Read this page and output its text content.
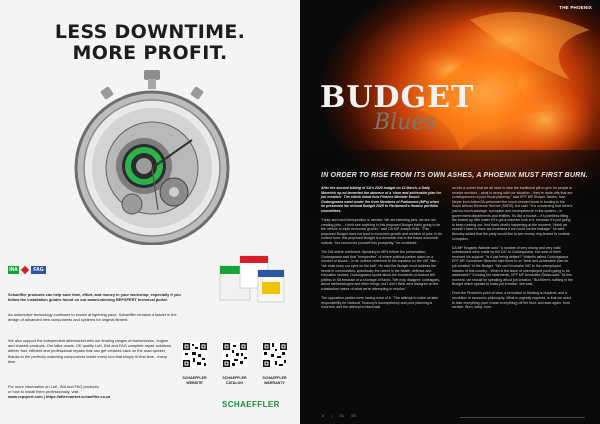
LESS DOWNTIME.
MORE PROFIT.
INA	FAG

Schaeffler products can help save time, effort, and money in your workshop, especially if you follow the installation guides found on our award-winning REPXPERT technical portal.

As automotive technology continues to evolve at lightning pace, Schaeffler remains a leader in the design of advanced new components and systems for original fitment.

We also support the independent aftermarket with our leading ranges of transmission, engine and chassis products. Our tailor-made, OE quality LuK, INA and FAG complete repair solutions deliver fast, efficient and professional repairs that can get vehicles back on the road quicker, thanks to the perfectly matching components inside every box that simply fit first time - every time.

For more information on LuK, INA and FAG products,

or how to install them professionally, visit:

www.repxpert.com | https://aftermarket.schaeffler.co.za

SCHAEFFLER
WEBSITE
SCHAEFFLER
CATALOG
SCHAEFFLER
WARRANTY
SCHAEFFLER
THE PHOENIX
BUDGET
Blues
IN ORDER TO RISE FROM ITS OWN ASHES, A PHOENIX MUST FIRST BURN.

After the second tabling of SA's 2025 budget on 12 March, a Daily Maverick op-ed lamented the absence of a 'clear and achievable plan for job creation'. The article listed how Finance Minister Enoch Godongwana came under fire from Members of Parliament (MPs) when he presented his revised Budget 2025 to Parliament's finance portfolio committees.

"Deep and hard introspection is needed. We are bleeding jobs, we are not creating jobs... I don't see anything in this proposed Budget that's going to be the vehicle to triple economic growth," said DA MP Joseph Britz. "This proposed Budget does not lead to economic growth and creation of jobs. In its current form, this proposed Budget is a domestic risk to the future economic outlook. You cannot tax yourself into prosperity," he continued.

The DM article continued: Speaking to MPs before the presentation, Godongwana said that "irrespective" of where political parties stand on a number of issues – in an indirect reference to the impasse on the VAT hike – "we must keep our eyes on the ball". He said the Budget must address the needs in communities, specifically the needs in the health, defence and education sectors. Godongwana spoke about the hundreds of doctors left jobless in SA because of a shortage of funds. "We may disagree, colleagues, about methodologies and other things, but I don't think we'd disagree on the substantive nature of what we're attempting to resolve."

The opposition parties were having none of it. "The attempt to make us take responsibility for National Treasury's incompetency and poor planning is incorrect, and the attempt to blackmail

us into a corner that we all have to take the traditional gift to give for people to receive services – what is wrong with our situation – they're trade-offs that are consequences of poor fiscal planning," said EFF MP Sinawo Tambo. Ivan Meyer from ActionSA welcomed the much-needed boost in funding to the South African Revenue Service (SARS), but said: "It is concerning that there's just too much wastage, corruption and incompetence in the system – in government departments and entities. It's like a bucket – it's pointless filling the bucket up with water if it's got a massive hole in it, because it's just going to keep running out. And that's what's happening at the moment. I think we wouldn't have to have tax increases if we could cut the leakage." he said. Beesley added that the party would like to see money ring fenced to combat corruption.

DA MP Kingsley Wakelin said: "a number of very strong and very valid submissions were made by the DA" to Godongwana, but none of them received his support. "Is it just being defiant?" Wakelin asked Godongwana. EFF MP Constance Mkhonto said there is no "clear and achievable plan for job creation" in the Budget. "We can't increase VAT to the unemployed masses of this country... When is the issue of unemployed youth going to be addressed?" Echoing her statements, EFF MP Annacleta Siwisa said: "At this moment, we should be speaking about job creation." But there's nothing in the Budget which speaks to mass job creation, she said.

From the Phoenix's point of view, a revolution in thinking is required, and a revolution in economic philosophy. What is urgently required, is that we need to take everything (and I mean everything) off the floor, and start again, from scratch. Burn, baby, burn.

6 | 01 06
